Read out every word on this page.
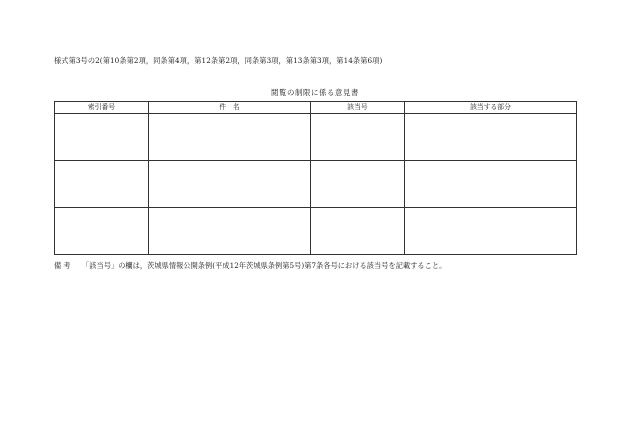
様式第3号の2(第10条第2項，同条第4項，第12条第2項，同条第3項，第13条第3項，第14条第6項)
閲覧の制限に係る意見書
索引番号	件　名	該当号	該当する部分

備考 「該当号」の欄は，茨城県情報公開条例(平成12年茨城県条例第5号)第7条各号における該当号を記載すること。
